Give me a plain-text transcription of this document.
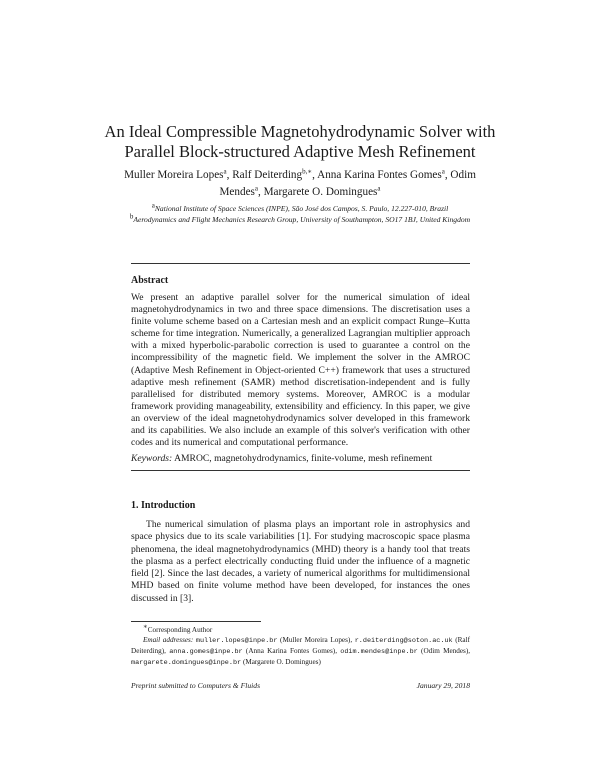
An Ideal Compressible Magnetohydrodynamic Solver with
Parallel Block-structured Adaptive Mesh Refinement
Muller Moreira Lopes$^a$, Ralf Deiterding$^{b,∗}$, Anna Karina Fontes Gomes$^a$, Odim Mendes$^a$, Margarete O. Domingues$^a$
$^a$National Institute of Space Sciences (INPE), São José dos Campos, S. Paulo, 12.227-010, Brazil
$^b$Aerodynamics and Flight Mechanics Research Group, University of Southampton, SO17 1BJ, United Kingdom
Abstract
We present an adaptive parallel solver for the numerical simulation of ideal magnetohydrodynamics in two and three space dimensions. The discretisation uses a finite volume scheme based on a Cartesian mesh and an explicit compact Runge–Kutta scheme for time integration. Numerically, a generalized Lagrangian multiplier approach with a mixed hyperbolic-parabolic correction is used to guarantee a control on the incompressibility of the magnetic field. We implement the solver in the AMROC (Adaptive Mesh Refinement in Object-oriented C++) framework that uses a structured adaptive mesh refinement (SAMR) method discretisation-independent and is fully parallelised for distributed memory systems. Moreover, AMROC is a modular framework providing manageability, extensibility and efficiency. In this paper, we give an overview of the ideal magnetohydrodynamics solver developed in this framework and its capabilities. We also include an example of this solver's verification with other codes and its numerical and computational performance.
Keywords: AMROC, magnetohydrodynamics, finite-volume, mesh refinement
1. Introduction
The numerical simulation of plasma plays an important role in astrophysics and space physics due to its scale variabilities [1]. For studying macroscopic space plasma phenomena, the ideal magnetohydrodynamics (MHD) theory is a handy tool that treats the plasma as a perfect electrically conducting fluid under the influence of a magnetic field [2]. Since the last decades, a variety of numerical algorithms for multidimensional MHD based on finite volume method have been developed, for instances the ones discussed in [3].
∗Corresponding Author
Email addresses: muller.lopes@inpe.br (Muller Moreira Lopes), r.deiterding@soton.ac.uk (Ralf Deiterding), anna.gomes@inpe.br (Anna Karina Fontes Gomes), odim.mendes@inpe.br (Odim Mendes), margarete.domingues@inpe.br (Margarete O. Domingues)
Preprint submitted to Computers & Fluids	January 29, 2018
